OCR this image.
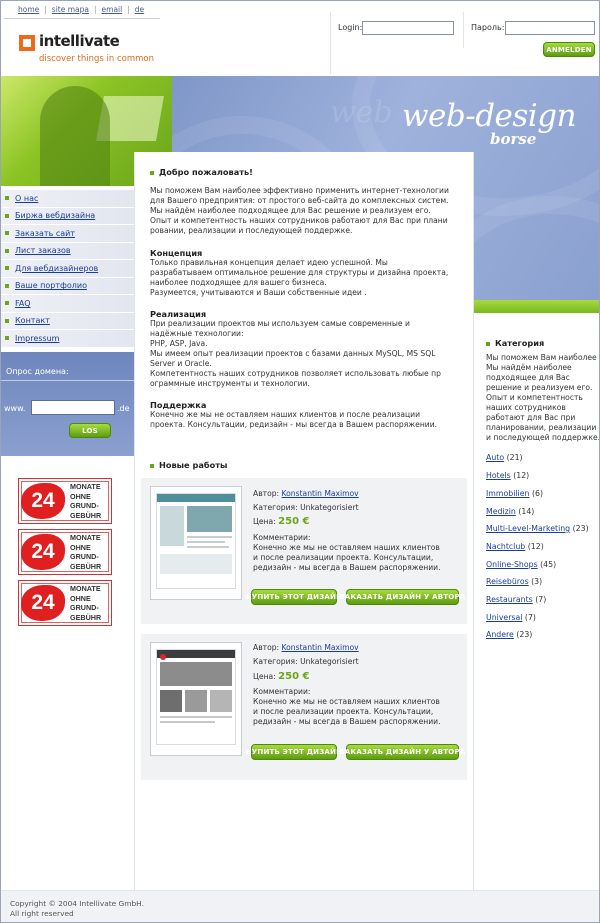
home | site mapa | email | de
intellivate
discover things in common
Login:	Пароль:
ANMELDEN
web web-design
borse
О нас
Биржа вебдизайна
Заказать сайт
Лист заказов
Для вебдизайнеров
Ваше портфолио
FAQ
Контакт
Impressum
Опрос домена:
www.	.de
LOS
24
MONATE
OHNE
GRUND-
GEBÜHR
24
MONATE
OHNE
GRUND-
GEBÜHR
24
MONATE
OHNE
GRUND-
GEBÜHR
Добро пожаловать!
Мы поможем Вам наиболее эффективно применить интернет-технологии
для Вашего предприятия: от простого веб-сайта до комплексных систем.
Мы найдём наиболее подходящее для Вас решение и реализуем его.
Опыт и компетентность наших сотрудников работают для Вас при плани
ровании, реализации и последующей поддержке.
Концепция
Только правильная концепция делает идею успешной. Мы
разрабатываем оптимальное решение для структуры и дизайна проекта,
наиболее подходящее для вашего бизнеса.
Разумеется, учитываются и Ваши собственные идеи .
Реализация
При реализации проектов мы используем самые современные и
надёжные технологии:
PHP, ASP, Java.
Мы имеем опыт реализации проектов с базами данных MySQL, MS SQL
Server и Oracle.
Компетентность наших сотрудников позволяет использовать любые пр
ограммные инструменты и технологии.
Поддержка
Конечно же мы не оставляем наших клиентов и после реализации
проекта. Консультации, редизайн - мы всегда в Вашем распоряжении.
Новые работы
Автор: Konstantin Maximov
Категория: Unkategorisiert
Цена: 250 €
Комментарии:
Конечно же мы не оставляем наших клиентов
и после реализации проекта. Консультации,
редизайн - мы всегда в Вашем распоряжении.
КУПИТЬ ЭТОТ ДИЗАЙН
ЗАКАЗАТЬ ДИЗАЙН У АВТОРА
Автор: Konstantin Maximov
Категория: Unkategorisiert
Цена: 250 €
Комментарии:
Конечно же мы не оставляем наших клиентов
и после реализации проекта. Консультации,
редизайн - мы всегда в Вашем распоряжении.
КУПИТЬ ЭТОТ ДИЗАЙН
ЗАКАЗАТЬ ДИЗАЙН У АВТОРА
Категория
Мы поможем Вам наиболее
Мы найдём наиболее
подходящее для Вас
решение и реализуем его.
Опыт и компетентность
наших сотрудников
работают для Вас при
планировании, реализации
и последующей поддержке.
Auto (21)
Hotels (12)
Immobilien (6)
Medizin (14)
Multi-Level-Marketing (23)
Nachtclub (12)
Online-Shops (45)
Reisebüros (3)
Restaurants (7)
Universal (7)
Andere (23)
Copyright © 2004 Intellivate GmbH.
All right reserved
